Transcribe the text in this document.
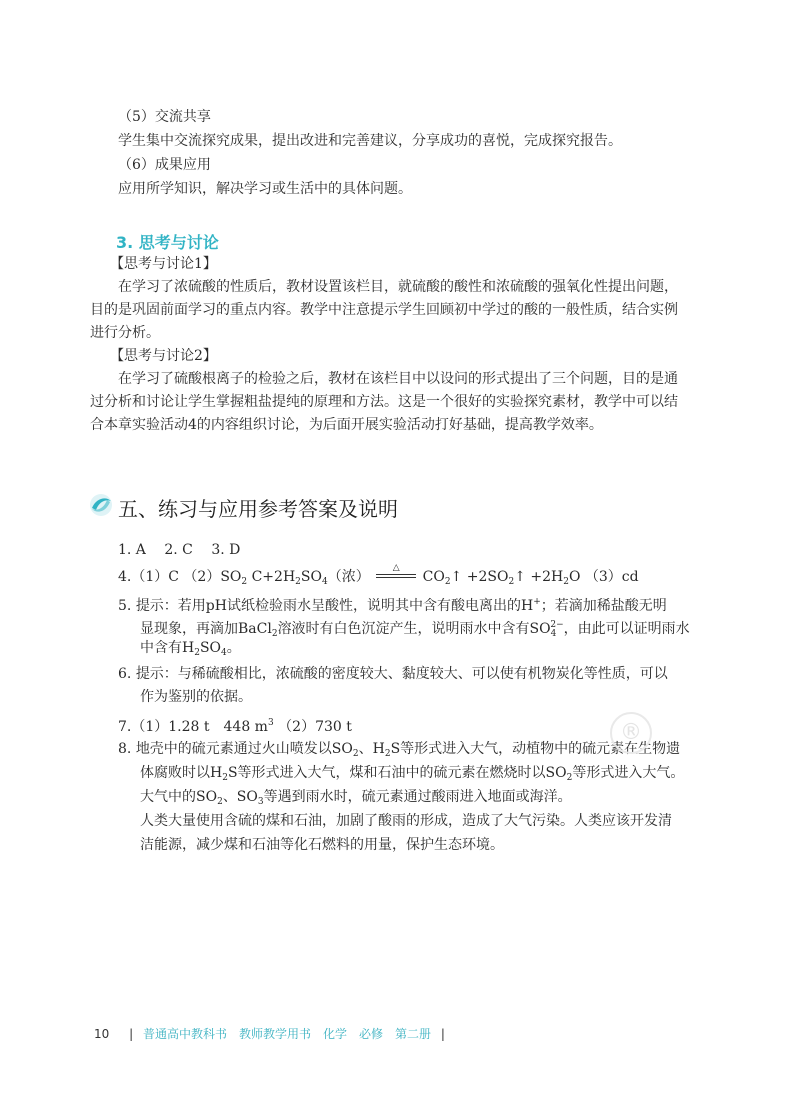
（5）交流共享
学生集中交流探究成果，提出改进和完善建议，分享成功的喜悦，完成探究报告。
（6）成果应用
应用所学知识，解决学习或生活中的具体问题。
3. 思考与讨论
【思考与讨论1】
在学习了浓硫酸的性质后，教材设置该栏目，就硫酸的酸性和浓硫酸的强氧化性提出问题，
目的是巩固前面学习的重点内容。教学中注意提示学生回顾初中学过的酸的一般性质，结合实例
进行分析。
【思考与讨论2】
在学习了硫酸根离子的检验之后，教材在该栏目中以设问的形式提出了三个问题，目的是通
过分析和讨论让学生掌握粗盐提纯的原理和方法。这是一个很好的实验探究素材，教学中可以结
合本章实验活动4的内容组织讨论，为后面开展实验活动打好基础，提高教学效率。
五、练习与应用参考答案及说明
1. A　 2. C　 3. D
4.（1）C $(2)SO_2$ $C+2H_2SO_4$（浓）
△
$CO_2↑$ $+2SO_2↑ +2H_2O$ （3）cd
5. 提示：若用pH试纸检验雨水呈酸性，说明其中含有酸电离出的H+；若滴加稀盐酸无明
显现象，再滴加BaCl$_2$溶液时有白色沉淀产生，说明雨水中含有$SO_4^{2-}$，由此可以证明雨水
中含有$H_2SO_4$。
6. 提示：与稀硫酸相比，浓硫酸的密度较大、黏度较大、可以使有机物炭化等性质，可以
作为鉴别的依据。
7.（1）1.28 t　448 $m^3$ （2）730 t
8. 地壳中的硫元素通过火山喷发以$SO_2$、$H_2S$等形式进入大气，动植物中的硫元素在生物遗
体腐败时以$H_2S$等形式进入大气，煤和石油中的硫元素在燃烧时以$SO_2$等形式进入大气。
大气中的$SO_2$、$SO_3$等遇到雨水时，硫元素通过酸雨进入地面或海洋。
人类大量使用含硫的煤和石油，加剧了酸雨的形成，造成了大气污染。人类应该开发清
洁能源，减少煤和石油等化石燃料的用量，保护生态环境。
®
10 | 普通高中教科书　教师教学用书　化学　必修　第二册 |
